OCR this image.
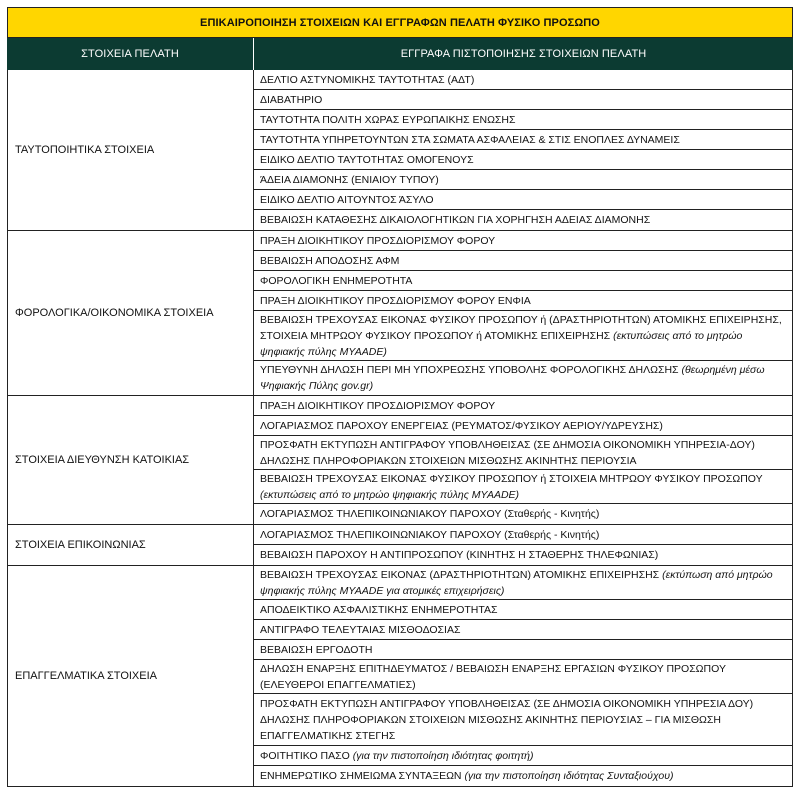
ΕΠΙΚΑΙΡΟΠΟΙΗΣΗ ΣΤΟΙΧΕΙΩΝ ΚΑΙ ΕΓΓΡΑΦΩΝ ΠΕΛΑΤΗ ΦΥΣΙΚΟ ΠΡΟΣΩΠΟ
ΣΤΟΙΧΕΙΑ ΠΕΛΑΤΗ	ΕΓΓΡΑΦΑ ΠΙΣΤΟΠΟΙΗΣΗΣ ΣΤΟΙΧΕΙΩΝ ΠΕΛΑΤΗ
ΤΑΥΤΟΠΟΙΗΤΙΚΑ ΣΤΟΙΧΕΙΑ
ΔΕΛΤΙΟ ΑΣΤΥΝΟΜΙΚΗΣ ΤΑΥΤΟΤΗΤΑΣ (ΑΔΤ)
ΔΙΑΒΑΤΗΡΙΟ
ΤΑΥΤΟΤΗΤΑ ΠΟΛΙΤΗ ΧΩΡΑΣ ΕΥΡΩΠΑΙΚΗΣ ΕΝΩΣΗΣ
ΤΑΥΤΟΤΗΤΑ ΥΠΗΡΕΤΟΥΝΤΩΝ ΣΤΑ ΣΩΜΑΤΑ ΑΣΦΑΛΕΙΑΣ & ΣΤΙΣ ΕΝΟΠΛΕΣ ΔΥΝΑΜΕΙΣ
ΕΙΔΙΚΟ ΔΕΛΤΙΟ ΤΑΥΤΟΤΗΤΑΣ ΟΜΟΓΕΝΟΥΣ
ΆΔΕΙΑ ΔΙΑΜΟΝΗΣ (ΕΝΙΑΙΟΥ ΤΥΠΟΥ)
ΕΙΔΙΚΟ ΔΕΛΤΙΟ ΑΙΤΟΥΝΤΟΣ ΆΣΥΛΟ
ΒΕΒΑΙΩΣΗ ΚΑΤΑΘΕΣΗΣ ΔΙΚΑΙΟΛΟΓΗΤΙΚΩΝ ΓΙΑ ΧΟΡΗΓΗΣΗ ΑΔΕΙΑΣ ΔΙΑΜΟΝΗΣ
ΦΟΡΟΛΟΓΙΚΑ/ΟΙΚΟΝΟΜΙΚΑ ΣΤΟΙΧΕΙΑ
ΠΡΑΞΗ ΔΙΟΙΚΗΤΙΚΟΥ ΠΡΟΣΔΙΟΡΙΣΜΟΥ ΦΟΡΟΥ
ΒΕΒΑΙΩΣΗ ΑΠΟΔΟΣΗΣ ΑΦΜ
ΦΟΡΟΛΟΓΙΚΗ ΕΝΗΜΕΡΟΤΗΤΑ
ΠΡΑΞΗ ΔΙΟΙΚΗΤΙΚΟΥ ΠΡΟΣΔΙΟΡΙΣΜΟΥ ΦΟΡΟΥ ΕΝΦΙΑ
ΒΕΒΑΙΩΣΗ ΤΡΕΧΟΥΣΑΣ ΕΙΚΟΝΑΣ ΦΥΣΙΚΟΥ ΠΡΟΣΩΠΟΥ ή (ΔΡΑΣΤΗΡΙΟΤΗΤΩΝ) ΑΤΟΜΙΚΗΣ ΕΠΙΧΕΙΡΗΣΗΣ, ΣΤΟΙΧΕΙΑ ΜΗΤΡΩΟΥ ΦΥΣΙΚΟΥ ΠΡΟΣΩΠΟΥ ή ΑΤΟΜΙΚΗΣ ΕΠΙΧΕΙΡΗΣΗΣ (εκτυπώσεις από το μητρώο ψηφιακής πύλης MYAADE)
ΥΠΕΥΘΥΝΗ ΔΗΛΩΣΗ ΠΕΡΙ ΜΗ ΥΠΟΧΡΕΩΣΗΣ ΥΠΟΒΟΛΗΣ ΦΟΡΟΛΟΓΙΚΗΣ ΔΗΛΩΣΗΣ (θεωρημένη μέσω Ψηφιακής Πύλης gov.gr)
ΣΤΟΙΧΕΙΑ ΔΙΕΥΘΥΝΣΗ ΚΑΤΟΙΚΙΑΣ
ΠΡΑΞΗ ΔΙΟΙΚΗΤΙΚΟΥ ΠΡΟΣΔΙΟΡΙΣΜΟΥ ΦΟΡΟΥ
ΛΟΓΑΡΙΑΣΜΟΣ ΠΑΡΟΧΟΥ ΕΝΕΡΓΕΙΑΣ (ΡΕΥΜΑΤΟΣ/ΦΥΣΙΚΟΥ ΑΕΡΙΟΥ/ΥΔΡΕΥΣΗΣ)
ΠΡΟΣΦΑΤΗ ΕΚΤΥΠΩΣΗ ΑΝΤΙΓΡΑΦΟΥ ΥΠΟΒΛΗΘΕΙΣΑΣ (ΣΕ ΔΗΜΟΣΙΑ ΟΙΚΟΝΟΜΙΚΗ ΥΠΗΡΕΣΙΑ-ΔΟΥ) ΔΗΛΩΣΗΣ ΠΛΗΡΟΦΟΡΙΑΚΩΝ ΣΤΟΙΧΕΙΩΝ ΜΙΣΘΩΣΗΣ ΑΚΙΝΗΤΗΣ ΠΕΡΙΟΥΣΙΑ
ΒΕΒΑΙΩΣΗ ΤΡΕΧΟΥΣΑΣ ΕΙΚΟΝΑΣ ΦΥΣΙΚΟΥ ΠΡΟΣΩΠΟΥ ή ΣΤΟΙΧΕΙΑ ΜΗΤΡΩΟΥ ΦΥΣΙΚΟΥ ΠΡΟΣΩΠΟΥ (εκτυπώσεις από το μητρώο ψηφιακής πύλης MYAADE)
ΛΟΓΑΡΙΑΣΜΟΣ ΤΗΛΕΠΙΚΟΙΝΩΝΙΑΚΟΥ ΠΑΡΟΧΟΥ (Σταθερής - Κινητής)
ΣΤΟΙΧΕΙΑ ΕΠΙΚΟΙΝΩΝΙΑΣ
ΛΟΓΑΡΙΑΣΜΟΣ ΤΗΛΕΠΙΚΟΙΝΩΝΙΑΚΟΥ ΠΑΡΟΧΟΥ (Σταθερής - Κινητής)
ΒΕΒΑΙΩΣΗ ΠΑΡΟΧΟΥ Η ΑΝΤΙΠΡΟΣΩΠΟΥ (ΚΙΝΗΤΗΣ Η ΣΤΑΘΕΡΗΣ ΤΗΛΕΦΩΝΙΑΣ)
ΕΠΑΓΓΕΛΜΑΤΙΚΑ ΣΤΟΙΧΕΙΑ
ΒΕΒΑΙΩΣΗ ΤΡΕΧΟΥΣΑΣ ΕΙΚΟΝΑΣ (ΔΡΑΣΤΗΡΙΟΤΗΤΩΝ) ΑΤΟΜΙΚΗΣ ΕΠΙΧΕΙΡΗΣΗΣ (εκτύπωση από μητρώο ψηφιακής πύλης MYAADE για ατομικές επιχειρήσεις)
ΑΠΟΔΕΙΚΤΙΚΟ ΑΣΦΑΛΙΣΤΙΚΗΣ ΕΝΗΜΕΡΟΤΗΤΑΣ
ΑΝΤΙΓΡΑΦΟ ΤΕΛΕΥΤΑΙΑΣ ΜΙΣΘΟΔΟΣΙΑΣ
ΒΕΒΑΙΩΣΗ ΕΡΓΟΔΟΤΗ
ΔΗΛΩΣΗ ΕΝΑΡΞΗΣ ΕΠΙΤΗΔΕΥΜΑΤΟΣ / ΒΕΒΑΙΩΣΗ ΕΝΑΡΞΗΣ ΕΡΓΑΣΙΩΝ ΦΥΣΙΚΟΥ ΠΡΟΣΩΠΟΥ (ΕΛΕΥΘΕΡΟΙ ΕΠΑΓΓΕΛΜΑΤΙΕΣ)
ΠΡΟΣΦΑΤΗ ΕΚΤΥΠΩΣΗ ΑΝΤΙΓΡΑΦΟΥ ΥΠΟΒΛΗΘΕΙΣΑΣ (ΣΕ ΔΗΜΟΣΙΑ ΟΙΚΟΝΟΜΙΚΗ ΥΠΗΡΕΣΙΑ ΔΟΥ) ΔΗΛΩΣΗΣ ΠΛΗΡΟΦΟΡΙΑΚΩΝ ΣΤΟΙΧΕΙΩΝ ΜΙΣΘΩΣΗΣ ΑΚΙΝΗΤΗΣ ΠΕΡΙΟΥΣΙΑΣ – ΓΙΑ ΜΙΣΘΩΣΗ ΕΠΑΓΓΕΛΜΑΤΙΚΗΣ ΣΤΕΓΗΣ
ΦΟΙΤΗΤΙΚΟ ΠΑΣΟ (για την πιστοποίηση ιδιότητας φοιτητή)
ΕΝΗΜΕΡΩΤΙΚΟ ΣΗΜΕΙΩΜΑ ΣΥΝΤΑΞΕΩΝ (για την πιστοποίηση ιδιότητας Συνταξιούχου)
